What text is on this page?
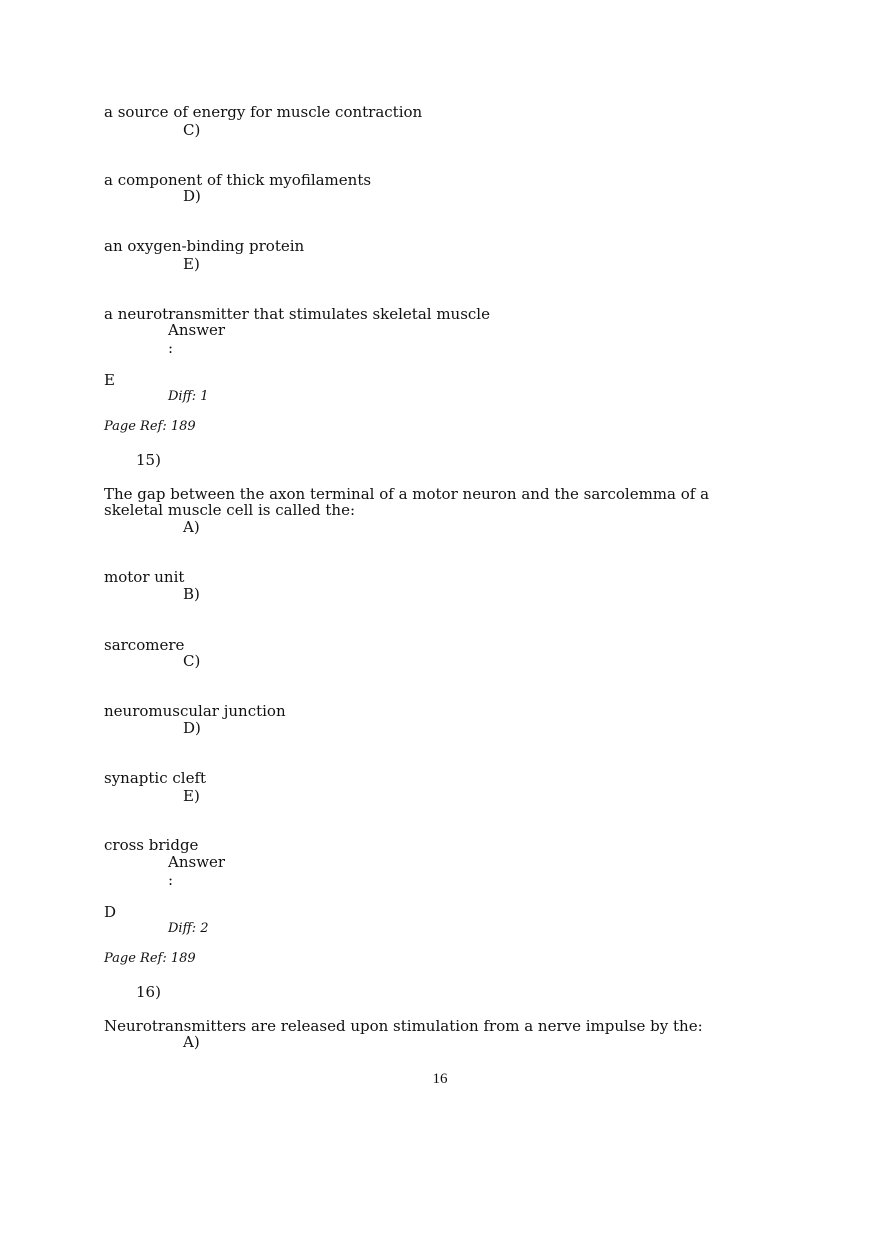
a source of energy for muscle contraction
C)
a component of thick myofilaments
D)
an oxygen-binding protein
E)
a neurotransmitter that stimulates skeletal muscle
Answer
:
E
Diff: 1
Page Ref: 189
15)
The gap between the axon terminal of a motor neuron and the sarcolemma of a skeletal muscle cell is called the:
A)
motor unit
B)
sarcomere
C)
neuromuscular junction
D)
synaptic cleft
E)
cross bridge
Answer
:
D
Diff: 2
Page Ref: 189
16)
Neurotransmitters are released upon stimulation from a nerve impulse by the:
A)
16
